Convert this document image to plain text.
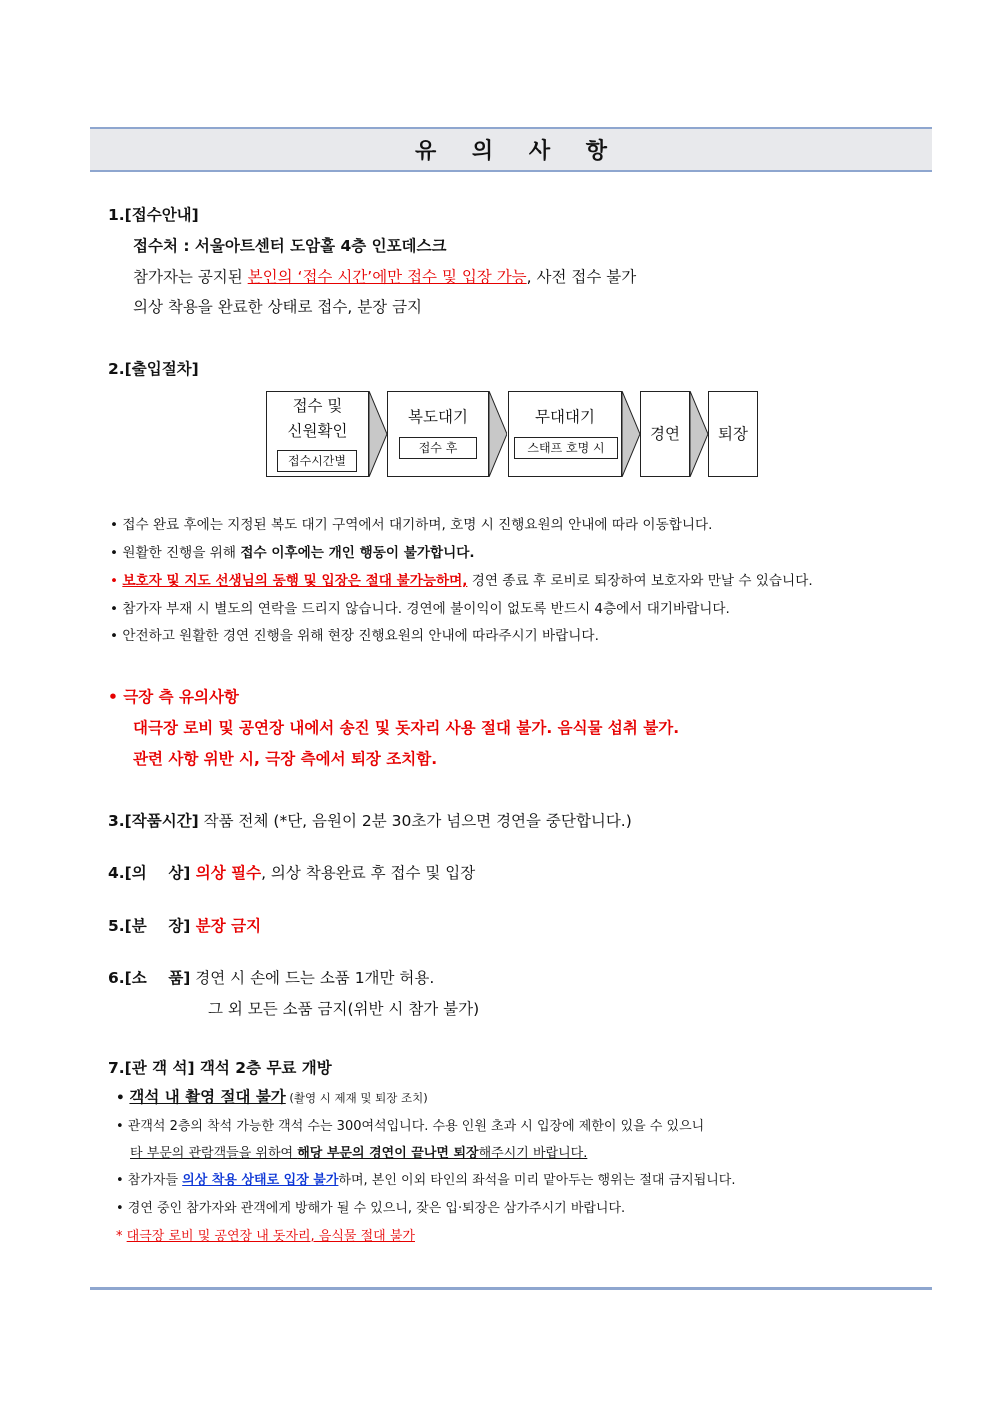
유 의 사 항
1.[접수안내]
접수처 : 서울아트센터 도암홀 4층 인포데스크
참가자는 공지된 본인의 ‘접수 시간’에만 접수 및 입장 가능, 사전 접수 불가
의상 착용을 완료한 상태로 접수, 분장 금지
2.[출입절차]
접수 및
신원확인
접수시간별
복도대기
접수 후
무대대기
스태프 호명 시
경연	퇴장
• 접수 완료 후에는 지정된 복도 대기 구역에서 대기하며, 호명 시 진행요원의 안내에 따라 이동합니다.
• 원활한 진행을 위해 접수 이후에는 개인 행동이 불가합니다.
• 보호자 및 지도 선생님의 동행 및 입장은 절대 불가능하며, 경연 종료 후 로비로 퇴장하여 보호자와 만날 수 있습니다.
• 참가자 부재 시 별도의 연락을 드리지 않습니다. 경연에 불이익이 없도록 반드시 4층에서 대기바랍니다.
• 안전하고 원활한 경연 진행을 위해 현장 진행요원의 안내에 따라주시기 바랍니다.
• 극장 측 유의사항
대극장 로비 및 공연장 내에서 송진 및 돗자리 사용 절대 불가. 음식물 섭취 불가.
관련 사항 위반 시, 극장 측에서 퇴장 조치함.
3.[작품시간] 작품 전체 (*단, 음원이 2분 30초가 넘으면 경연을 중단합니다.)
4.[의    상] 의상 필수, 의상 착용완료 후 접수 및 입장
5.[분    장] 분장 금지
6.[소    품] 경연 시 손에 드는 소품 1개만 허용.
그 외 모든 소품 금지(위반 시 참가 불가)
7.[관 객 석] 객석 2층 무료 개방
• 객석 내 촬영 절대 불가 (촬영 시 제재 및 퇴장 조치)
• 관객석 2층의 착석 가능한 객석 수는 300여석입니다. 수용 인원 초과 시 입장에 제한이 있을 수 있으니
타 부문의 관람객들을 위하여 해당 부문의 경연이 끝나면 퇴장해주시기 바랍니다.
• 참가자들 의상 착용 상태로 입장 불가하며, 본인 이외 타인의 좌석을 미리 맡아두는 행위는 절대 금지됩니다.
• 경연 중인 참가자와 관객에게 방해가 될 수 있으니, 잦은 입·퇴장은 삼가주시기 바랍니다.
* 대극장 로비 및 공연장 내 돗자리, 음식물 절대 불가
